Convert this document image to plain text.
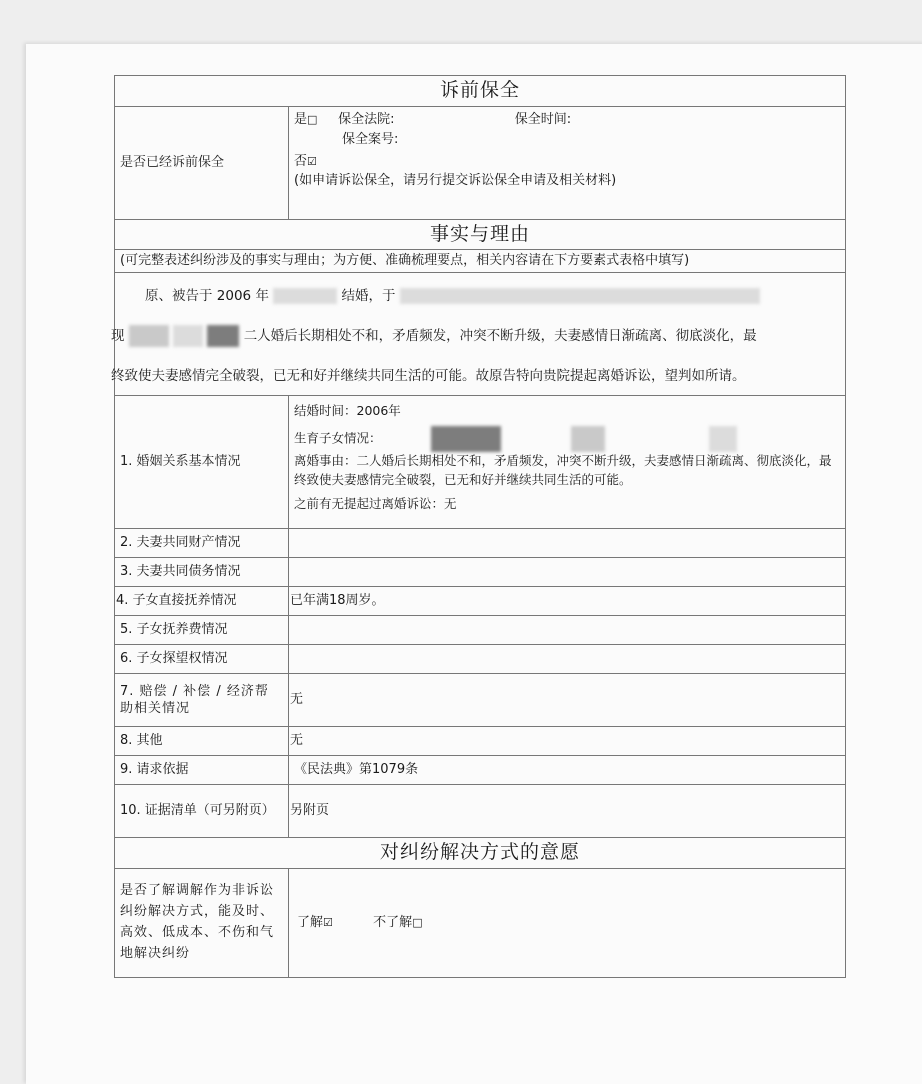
诉前保全	
是否已经诉前保全	是□ 保全法院: 保全时间:
保全案号:
否☑
(如申请诉讼保全，请另行提交诉讼保全申请及相关材料)

事实与理由	
(可完整表述纠纷涉及的事实与理由；为方便、准确梳理要点，相关内容请在下方要素式表格中填写)	

原、被告于 2006 年 结婚，于
现 二人婚后长期相处不和，矛盾频发，冲突不断升级，夫妻感情日渐疏离、彻底淡化，最
终致使夫妻感情完全破裂，已无和好并继续共同生活的可能。故原告特向贵院提起离婚诉讼，望判如所请。	

1. 婚姻关系基本情况	结婚时间：2006年
生育子女情况：
离婚事由：二人婚后长期相处不和，矛盾频发，冲突不断升级，夫妻感情日渐疏离、彻底淡化，最终致使夫妻感情完全破裂，已无和好并继续共同生活的可能。
之前有无提起过离婚诉讼：无

2. 夫妻共同财产情况	
3. 夫妻共同债务情况	
4. 子女直接抚养情况	已年满18周岁。
5. 子女抚养费情况	
6. 子女探望权情况	
7. 赔偿 / 补偿 / 经济帮 助相关情况	无
8. 其他	无
9. 请求依据	《民法典》第1079条
10. 证据清单（可另附页）	另附页
对纠纷解决方式的意愿	
是否了解调解作为非诉讼纠纷解决方式，能及时、高效、低成本、不伤和气地解决纠纷	了解☑ 不了解□
